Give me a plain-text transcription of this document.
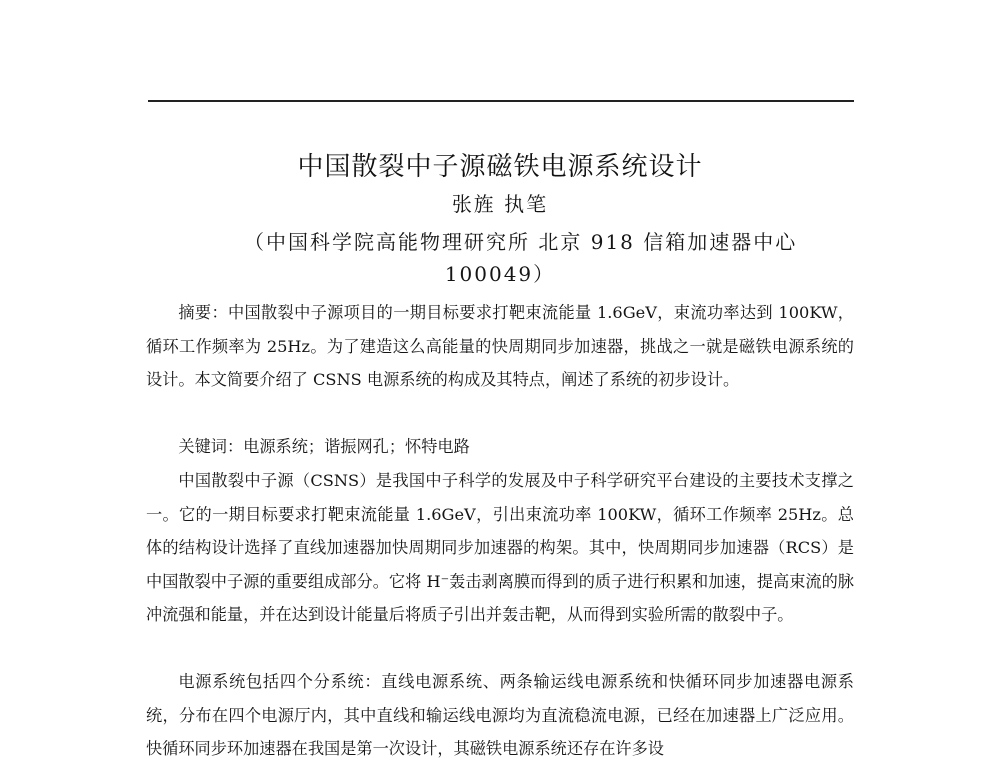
中国散裂中子源磁铁电源系统设计
张旌 执笔
（中国科学院高能物理研究所 北京 918 信箱加速器中心
100049）

摘要：中国散裂中子源项目的一期目标要求打靶束流能量 1.6GeV，束流功率达到 100KW，循环工作频率为 25Hz。为了建造这么高能量的快周期同步加速器，挑战之一就是磁铁电源系统的设计。本文简要介绍了 CSNS 电源系统的构成及其特点，阐述了系统的初步设计。

关键词：电源系统；谐振网孔；怀特电路

中国散裂中子源（CSNS）是我国中子科学的发展及中子科学研究平台建设的主要技术支撑之一。它的一期目标要求打靶束流能量 1.6GeV，引出束流功率 100KW，循环工作频率 25Hz。总体的结构设计选择了直线加速器加快周期同步加速器的构架。其中，快周期同步加速器（RCS）是中国散裂中子源的重要组成部分。它将 H⁻轰击剥离膜而得到的质子进行积累和加速，提高束流的脉冲流强和能量，并在达到设计能量后将质子引出并轰击靶，从而得到实验所需的散裂中子。

电源系统包括四个分系统：直线电源系统、两条输运线电源系统和快循环同步加速器电源系统，分布在四个电源厅内，其中直线和输运线电源均为直流稳流电源，已经在加速器上广泛应用。快循环同步环加速器在我国是第一次设计，其磁铁电源系统还存在许多设
